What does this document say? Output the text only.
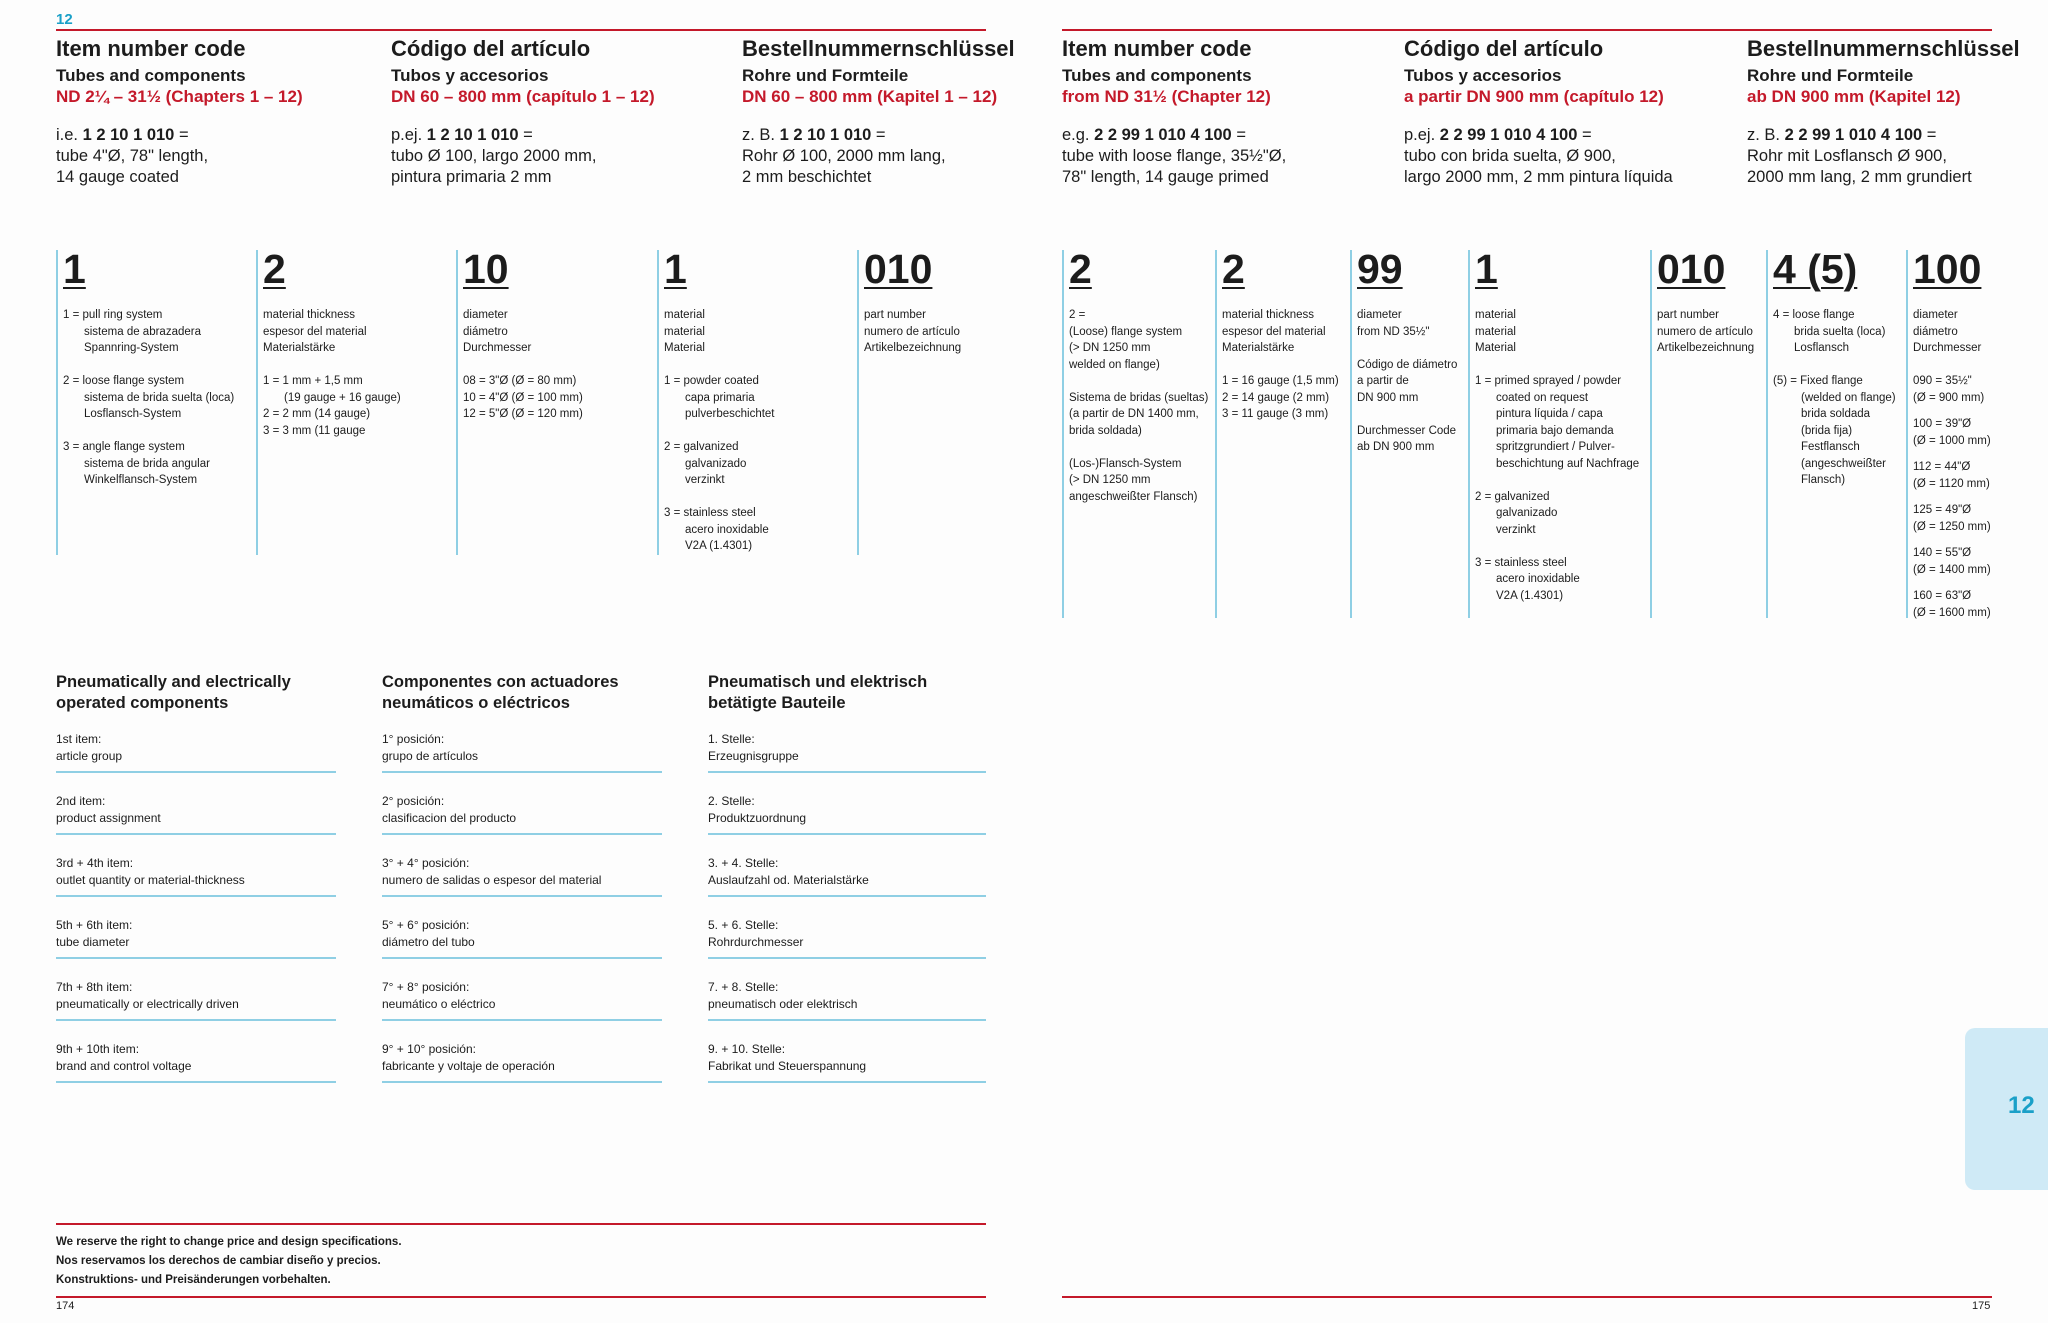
12
Item number code
Tubes and components
ND 2¼ – 31½ (Chapters 1 – 12)
i.e. 1 2 10 1 010 =
tube 4"Ø, 78" length,
14 gauge coated
Código del artículo
Tubos y accesorios
DN 60 – 800 mm (capítulo 1 – 12)
p.ej. 1 2 10 1 010 =
tubo Ø 100, largo 2000 mm,
pintura primaria 2 mm
Bestellnummernschlüssel
Rohre und Formteile
DN 60 – 800 mm (Kapitel 1 – 12)
z. B. 1 2 10 1 010 =
Rohr Ø 100, 2000 mm lang,
2 mm beschichtet
1
1 = pull ring system
sistema de abrazadera
Spannring-System
2 = loose flange system
sistema de brida suelta (loca)
Losflansch-System
3 = angle flange system
sistema de brida angular
Winkelflansch-System
2
material thickness
espesor del material
Materialstärke
1 = 1 mm + 1,5 mm
(19 gauge + 16 gauge)
2 = 2 mm (14 gauge)
3 = 3 mm (11 gauge
10
diameter
diámetro
Durchmesser
08 = 3"Ø (Ø = 80 mm)
10 = 4"Ø (Ø = 100 mm)
12 = 5"Ø (Ø = 120 mm)
1
material
material
Material
1 = powder coated
capa primaria
pulverbeschichtet
2 = galvanized
galvanizado
verzinkt
3 = stainless steel
acero inoxidable
V2A (1.4301)
010
part number
numero de artículo
Artikelbezeichnung
Pneumatically and electrically
operated components
1st item:
article group
2nd item:
product assignment
3rd + 4th item:
outlet quantity or material-thickness
5th + 6th item:
tube diameter
7th + 8th item:
pneumatically or electrically driven
9th + 10th item:
brand and control voltage
Componentes con actuadores
neumáticos o eléctricos
1° posición:
grupo de artículos
2° posición:
clasificacion del producto
3° + 4° posición:
numero de salidas o espesor del material
5° + 6° posición:
diámetro del tubo
7° + 8° posición:
neumático o eléctrico
9° + 10° posición:
fabricante y voltaje de operación
Pneumatisch und elektrisch
betätigte Bauteile
1. Stelle:
Erzeugnisgruppe
2. Stelle:
Produktzuordnung
3. + 4. Stelle:
Auslaufzahl od. Materialstärke
5. + 6. Stelle:
Rohrdurchmesser
7. + 8. Stelle:
pneumatisch oder elektrisch
9. + 10. Stelle:
Fabrikat und Steuerspannung
We reserve the right to change price and design specifications.
Nos reservamos los derechos de cambiar diseño y precios.
Konstruktions- und Preisänderungen vorbehalten.
174
Item number code
Tubes and components
from ND 31½ (Chapter 12)
e.g. 2 2 99 1 010 4 100 =
tube with loose flange, 35½"Ø,
78" length, 14 gauge primed
Código del artículo
Tubos y accesorios
a partir DN 900 mm (capítulo 12)
p.ej. 2 2 99 1 010 4 100 =
tubo con brida suelta, Ø 900,
largo 2000 mm, 2 mm pintura líquida
Bestellnummernschlüssel
Rohre und Formteile
ab DN 900 mm (Kapitel 12)
z. B. 2 2 99 1 010 4 100 =
Rohr mit Losflansch Ø 900,
2000 mm lang, 2 mm grundiert
2
2 =
(Loose) flange system
(> DN 1250 mm
welded on flange)
Sistema de bridas (sueltas)
(a partir de DN 1400 mm,
brida soldada)
(Los-)Flansch-System
(> DN 1250 mm
angeschweißter Flansch)
2
material thickness
espesor del material
Materialstärke
1 = 16 gauge (1,5 mm)
2 = 14 gauge (2 mm)
3 = 11 gauge (3 mm)
99
diameter
from ND 35½"
Código de diámetro
a partir de
DN 900 mm
Durchmesser Code
ab DN 900 mm
1
material
material
Material
1 = primed sprayed / powder
coated on request
pintura líquida / capa
primaria bajo demanda
spritzgrundiert / Pulver-
beschichtung auf Nachfrage
2 = galvanized
galvanizado
verzinkt
3 = stainless steel
acero inoxidable
V2A (1.4301)
010
part number
numero de artículo
Artikelbezeichnung
4 (5)
4 = loose flange
brida suelta (loca)
Losflansch
(5) = Fixed flange
(welded on flange)
brida soldada
(brida fija)
Festflansch
(angeschweißter
Flansch)
100
diameter
diámetro
Durchmesser
090 = 35½"
(Ø = 900 mm)
100 = 39"Ø
(Ø = 1000 mm)
112 = 44"Ø
(Ø = 1120 mm)
125 = 49"Ø
(Ø = 1250 mm)
140 = 55"Ø
(Ø = 1400 mm)
160 = 63"Ø
(Ø = 1600 mm)
175
12
